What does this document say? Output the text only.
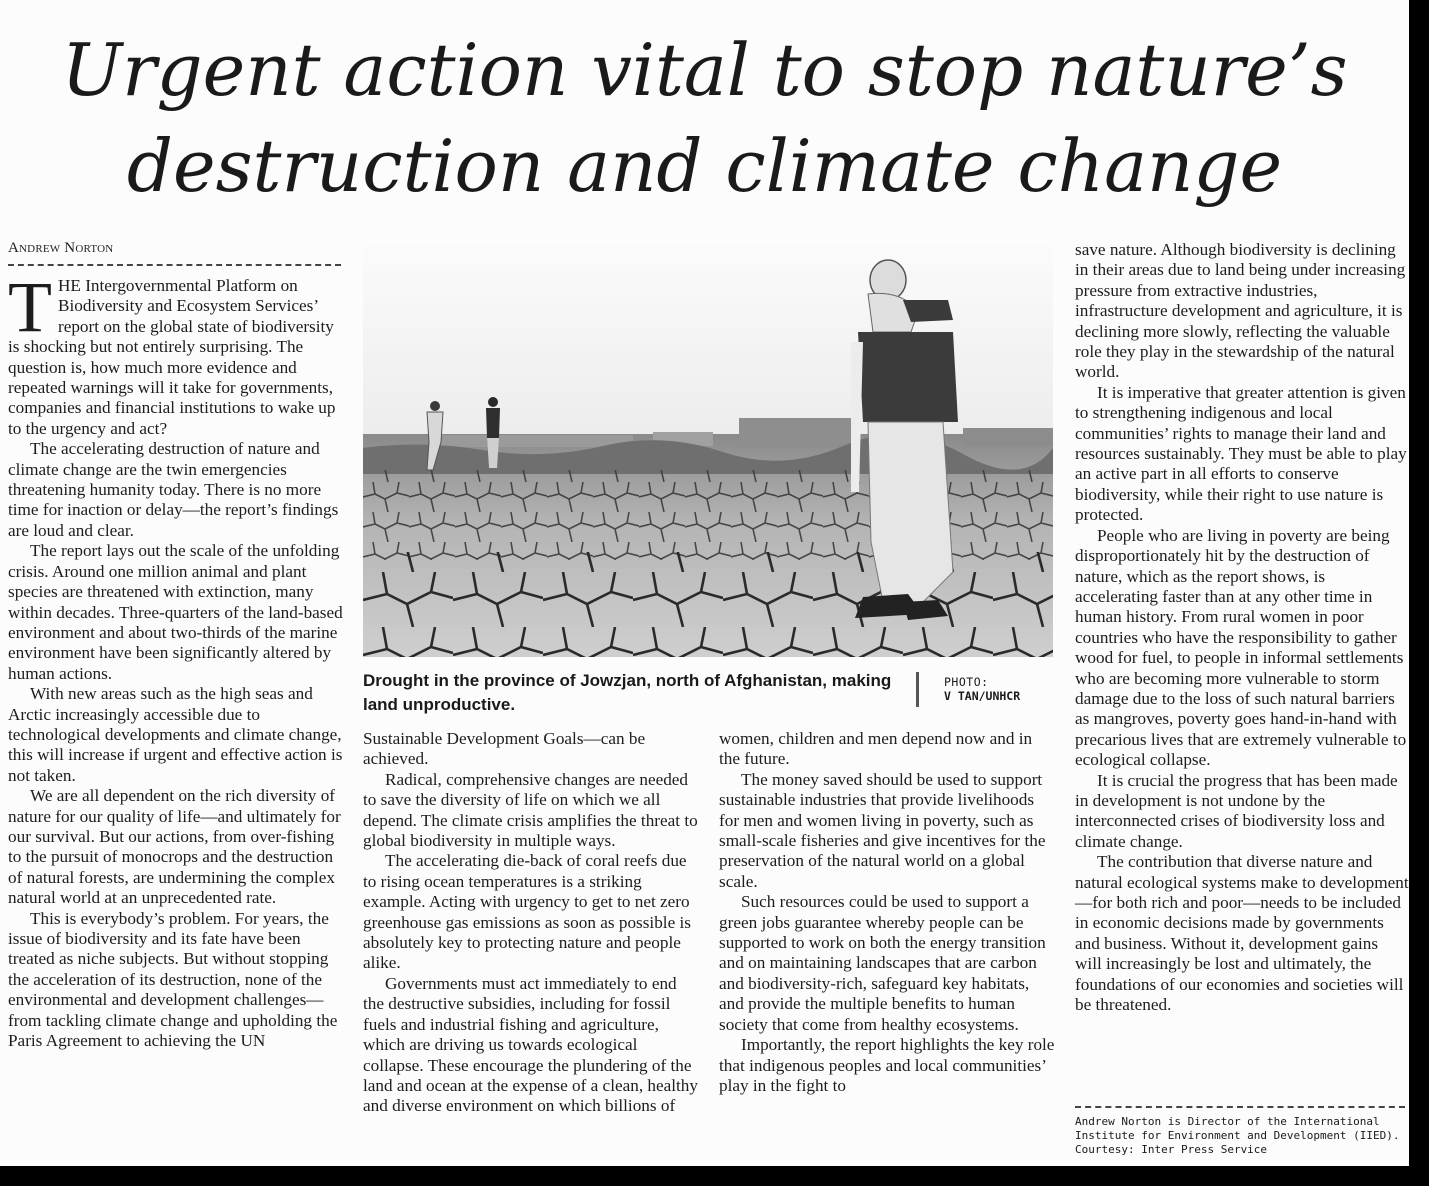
Urgent action vital to stop nature’s
destruction and climate change
Andrew Norton

THE Intergovernmental Platform on Biodiversity and Ecosystem Services’ report on the global state of biodiversity is shocking but not entirely surprising. The question is, how much more evidence and repeated warnings will it take for governments, companies and financial institutions to wake up to the urgency and act?

The accelerating destruction of nature and climate change are the twin emergencies threatening humanity today. There is no more time for inaction or delay—the report’s findings are loud and clear.

The report lays out the scale of the unfolding crisis. Around one million animal and plant species are threatened with extinction, many within decades. Three-quarters of the land-based environment and about two-thirds of the marine environment have been significantly altered by human actions.

With new areas such as the high seas and Arctic increasingly accessible due to technological developments and climate change, this will increase if urgent and effective action is not taken.

We are all dependent on the rich diversity of nature for our quality of life—and ultimately for our survival. But our actions, from over-fishing to the pursuit of monocrops and the destruction of natural forests, are undermining the complex natural world at an unprecedented rate.

This is everybody’s problem. For years, the issue of biodiversity and its fate have been treated as niche subjects. But without stopping the acceleration of its destruction, none of the environmental and development challenges—from tackling climate change and upholding the Paris Agreement to achieving the UN

Drought in the province of Jowzjan, north of Afghanistan, making land unproductive.
PHOTO:
V TAN/UNHCR

Sustainable Development Goals—can be achieved.

Radical, comprehensive changes are needed to save the diversity of life on which we all depend. The climate crisis amplifies the threat to global biodiversity in multiple ways.

The accelerating die-back of coral reefs due to rising ocean temperatures is a striking example. Acting with urgency to get to net zero greenhouse gas emissions as soon as possible is absolutely key to protecting nature and people alike.

Governments must act immediately to end the destructive subsidies, including for fossil fuels and industrial fishing and agriculture, which are driving us towards ecological collapse. These encourage the plundering of the land and ocean at the expense of a clean, healthy and diverse environment on which billions of

women, children and men depend now and in the future.

The money saved should be used to support sustainable industries that provide livelihoods for men and women living in poverty, such as small-scale fisheries and give incentives for the preservation of the natural world on a global scale.

Such resources could be used to support a green jobs guarantee whereby people can be supported to work on both the energy transition and on maintaining landscapes that are carbon and biodiversity-rich, safeguard key habitats, and provide the multiple benefits to human society that come from healthy ecosystems.

Importantly, the report highlights the key role that indigenous peoples and local communities’ play in the fight to

save nature. Although biodiversity is declining in their areas due to land being under increasing pressure from extractive industries, infrastructure development and agriculture, it is declining more slowly, reflecting the valuable role they play in the stewardship of the natural world.

It is imperative that greater attention is given to strengthening indigenous and local communities’ rights to manage their land and resources sustainably. They must be able to play an active part in all efforts to conserve biodiversity, while their right to use nature is protected.

People who are living in poverty are being disproportionately hit by the destruction of nature, which as the report shows, is accelerating faster than at any other time in human history. From rural women in poor countries who have the responsibility to gather wood for fuel, to people in informal settlements who are becoming more vulnerable to storm damage due to the loss of such natural barriers as mangroves, poverty goes hand-in-hand with precarious lives that are extremely vulnerable to ecological collapse.

It is crucial the progress that has been made in development is not undone by the interconnected crises of biodiversity loss and climate change.

The contribution that diverse nature and natural ecological systems make to development—for both rich and poor—needs to be included in economic decisions made by governments and business. Without it, development gains will increasingly be lost and ultimately, the foundations of our economies and societies will be threatened.

Andrew Norton is Director of the International Institute for Environment and Development (IIED). Courtesy: Inter Press Service
